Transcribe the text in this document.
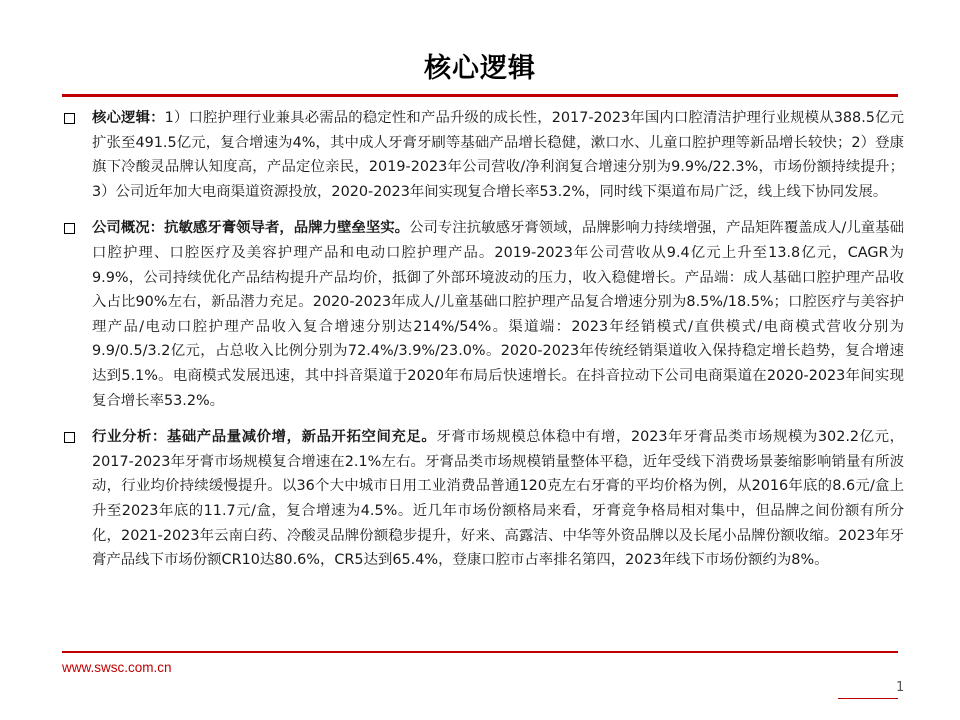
核心逻辑

核心逻辑：1）口腔护理行业兼具必需品的稳定性和产品升级的成长性，2017-2023年国内口腔清洁护理行业规模从388.5亿元扩张至491.5亿元，复合增速为4%，其中成人牙膏牙刷等基础产品增长稳健，漱口水、儿童口腔护理等新品增长较快；2）登康旗下冷酸灵品牌认知度高，产品定位亲民，2019-2023年公司营收/净利润复合增速分别为9.9%/22.3%，市场份额持续提升；3）公司近年加大电商渠道资源投放，2020-2023年间实现复合增长率53.2%，同时线下渠道布局广泛，线上线下协同发展。

公司概况：抗敏感牙膏领导者，品牌力壁垒坚实。公司专注抗敏感牙膏领域，品牌影响力持续增强，产品矩阵覆盖成人/儿童基础口腔护理、口腔医疗及美容护理产品和电动口腔护理产品。2019-2023年公司营收从9.4亿元上升至13.8亿元，CAGR为9.9%，公司持续优化产品结构提升产品均价，抵御了外部环境波动的压力，收入稳健增长。产品端：成人基础口腔护理产品收入占比90%左右，新品潜力充足。2020-2023年成人/儿童基础口腔护理产品复合增速分别为8.5%/18.5%；口腔医疗与美容护理产品/电动口腔护理产品收入复合增速分别达214%/54%。渠道端：2023年经销模式/直供模式/电商模式营收分别为9.9/0.5/3.2亿元，占总收入比例分别为72.4%/3.9%/23.0%。2020-2023年传统经销渠道收入保持稳定增长趋势，复合增速达到5.1%。电商模式发展迅速，其中抖音渠道于2020年布局后快速增长。在抖音拉动下公司电商渠道在2020-2023年间实现复合增长率53.2%。

行业分析：基础产品量减价增，新品开拓空间充足。牙膏市场规模总体稳中有增，2023年牙膏品类市场规模为302.2亿元，2017-2023年牙膏市场规模复合增速在2.1%左右。牙膏品类市场规模销量整体平稳，近年受线下消费场景萎缩影响销量有所波动，行业均价持续缓慢提升。以36个大中城市日用工业消费品普通120克左右牙膏的平均价格为例，从2016年底的8.6元/盒上升至2023年底的11.7元/盒，复合增速为4.5%。近几年市场份额格局来看，牙膏竞争格局相对集中，但品牌之间份额有所分化，2021-2023年云南白药、冷酸灵品牌份额稳步提升，好来、高露洁、中华等外资品牌以及长尾小品牌份额收缩。2023年牙膏产品线下市场份额CR10达80.6%，CR5达到65.4%，登康口腔市占率排名第四，2023年线下市场份额约为8%。

www.swsc.com.cn
1
